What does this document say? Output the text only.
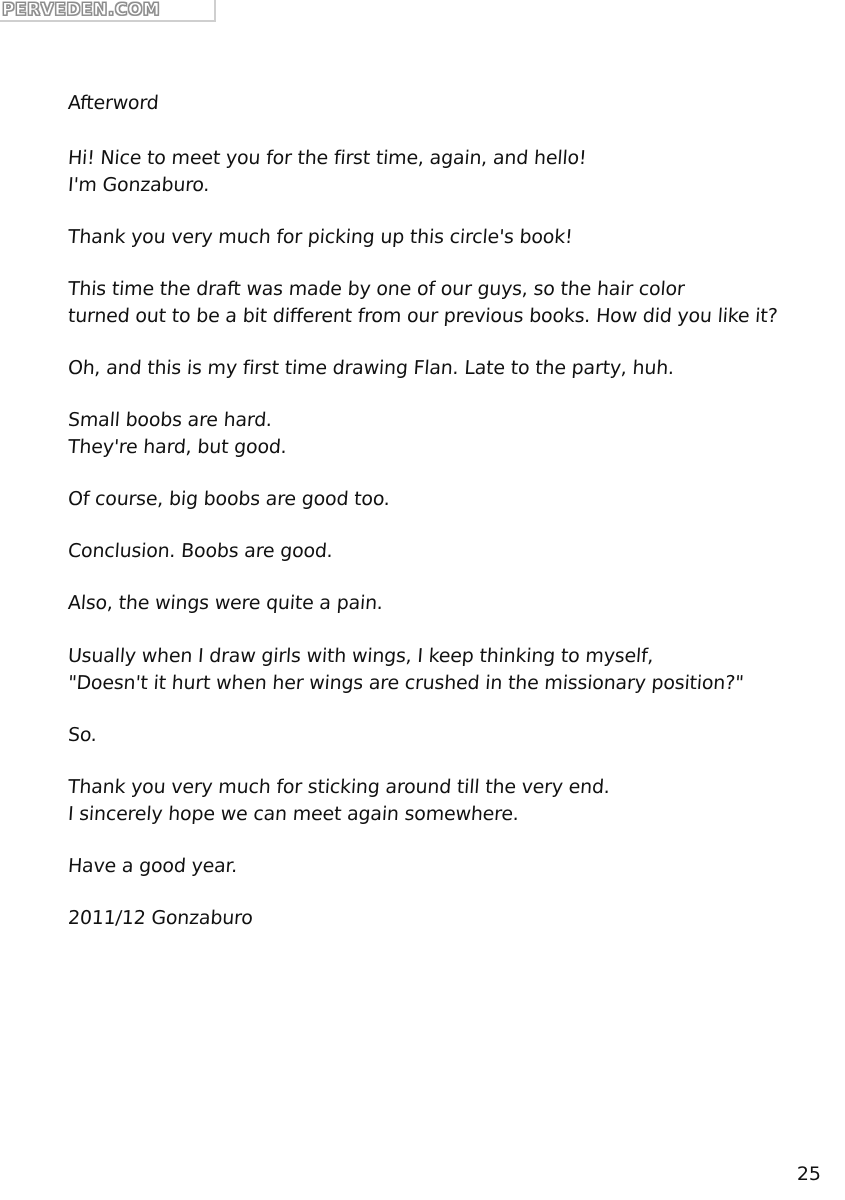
PERVEDEN.COM
Afterword
Hi! Nice to meet you for the first time, again, and hello!
I'm Gonzaburo.
Thank you very much for picking up this circle's book!
This time the draft was made by one of our guys, so the hair color
turned out to be a bit different from our previous books. How did you like it?
Oh, and this is my first time drawing Flan. Late to the party, huh.
Small boobs are hard.
They're hard, but good.
Of course, big boobs are good too.
Conclusion. Boobs are good.
Also, the wings were quite a pain.
Usually when I draw girls with wings, I keep thinking to myself,
"Doesn't it hurt when her wings are crushed in the missionary position?"
So.
Thank you very much for sticking around till the very end.
I sincerely hope we can meet again somewhere.
Have a good year.
2011/12 Gonzaburo
25
